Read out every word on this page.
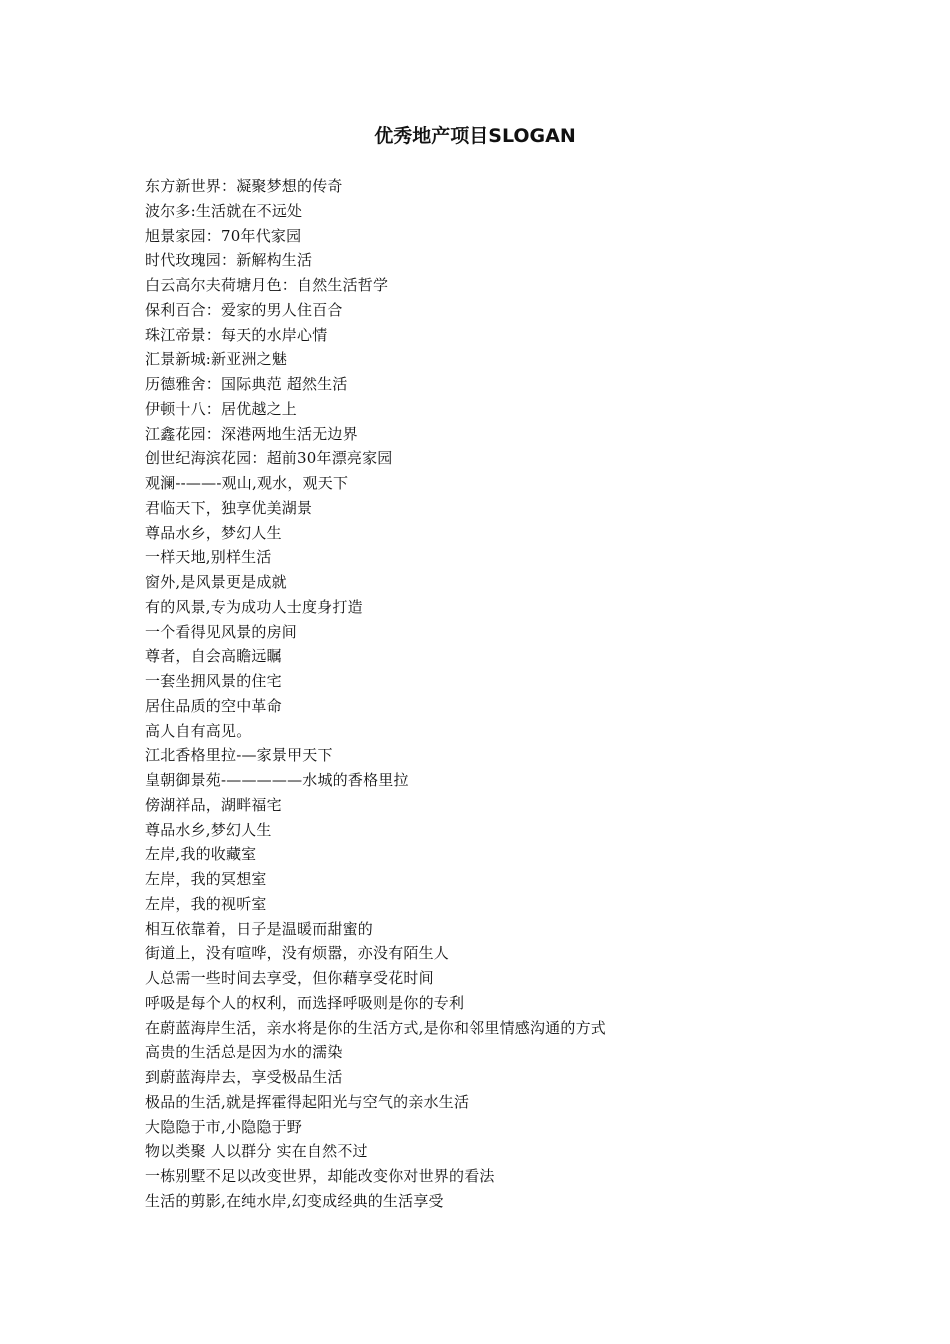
优秀地产项目SLOGAN
东方新世界：凝聚梦想的传奇
波尔多:生活就在不远处
旭景家园：70年代家园
时代玫瑰园：新解构生活
白云高尔夫荷塘月色：自然生活哲学
保利百合：爱家的男人住百合
珠江帝景：每天的水岸心情
汇景新城:新亚洲之魅
历德雅舍：国际典范 超然生活
伊顿十八：居优越之上
江鑫花园：深港两地生活无边界
创世纪海滨花园：超前30年漂亮家园
观澜--——-观山,观水，观天下
君临天下，独享优美湖景
尊品水乡，梦幻人生
一样天地,别样生活
窗外,是风景更是成就
有的风景,专为成功人士度身打造
一个看得见风景的房间
尊者，自会高瞻远瞩
一套坐拥风景的住宅
居住品质的空中革命
高人自有高见。
江北香格里拉-—家景甲天下
皇朝御景苑-—————水城的香格里拉
傍湖祥品，湖畔福宅
尊品水乡,梦幻人生
左岸,我的收藏室
左岸，我的冥想室
左岸，我的视听室
相互依靠着，日子是温暖而甜蜜的
街道上，没有喧哗，没有烦嚣，亦没有陌生人
人总需一些时间去享受，但你藉享受花时间
呼吸是每个人的权利，而选择呼吸则是你的专利
在蔚蓝海岸生活，亲水将是你的生活方式,是你和邻里情感沟通的方式
高贵的生活总是因为水的濡染
到蔚蓝海岸去，享受极品生活
极品的生活,就是挥霍得起阳光与空气的亲水生活
大隐隐于市,小隐隐于野
物以类聚 人以群分 实在自然不过
一栋别墅不足以改变世界，却能改变你对世界的看法
生活的剪影,在纯水岸,幻变成经典的生活享受
